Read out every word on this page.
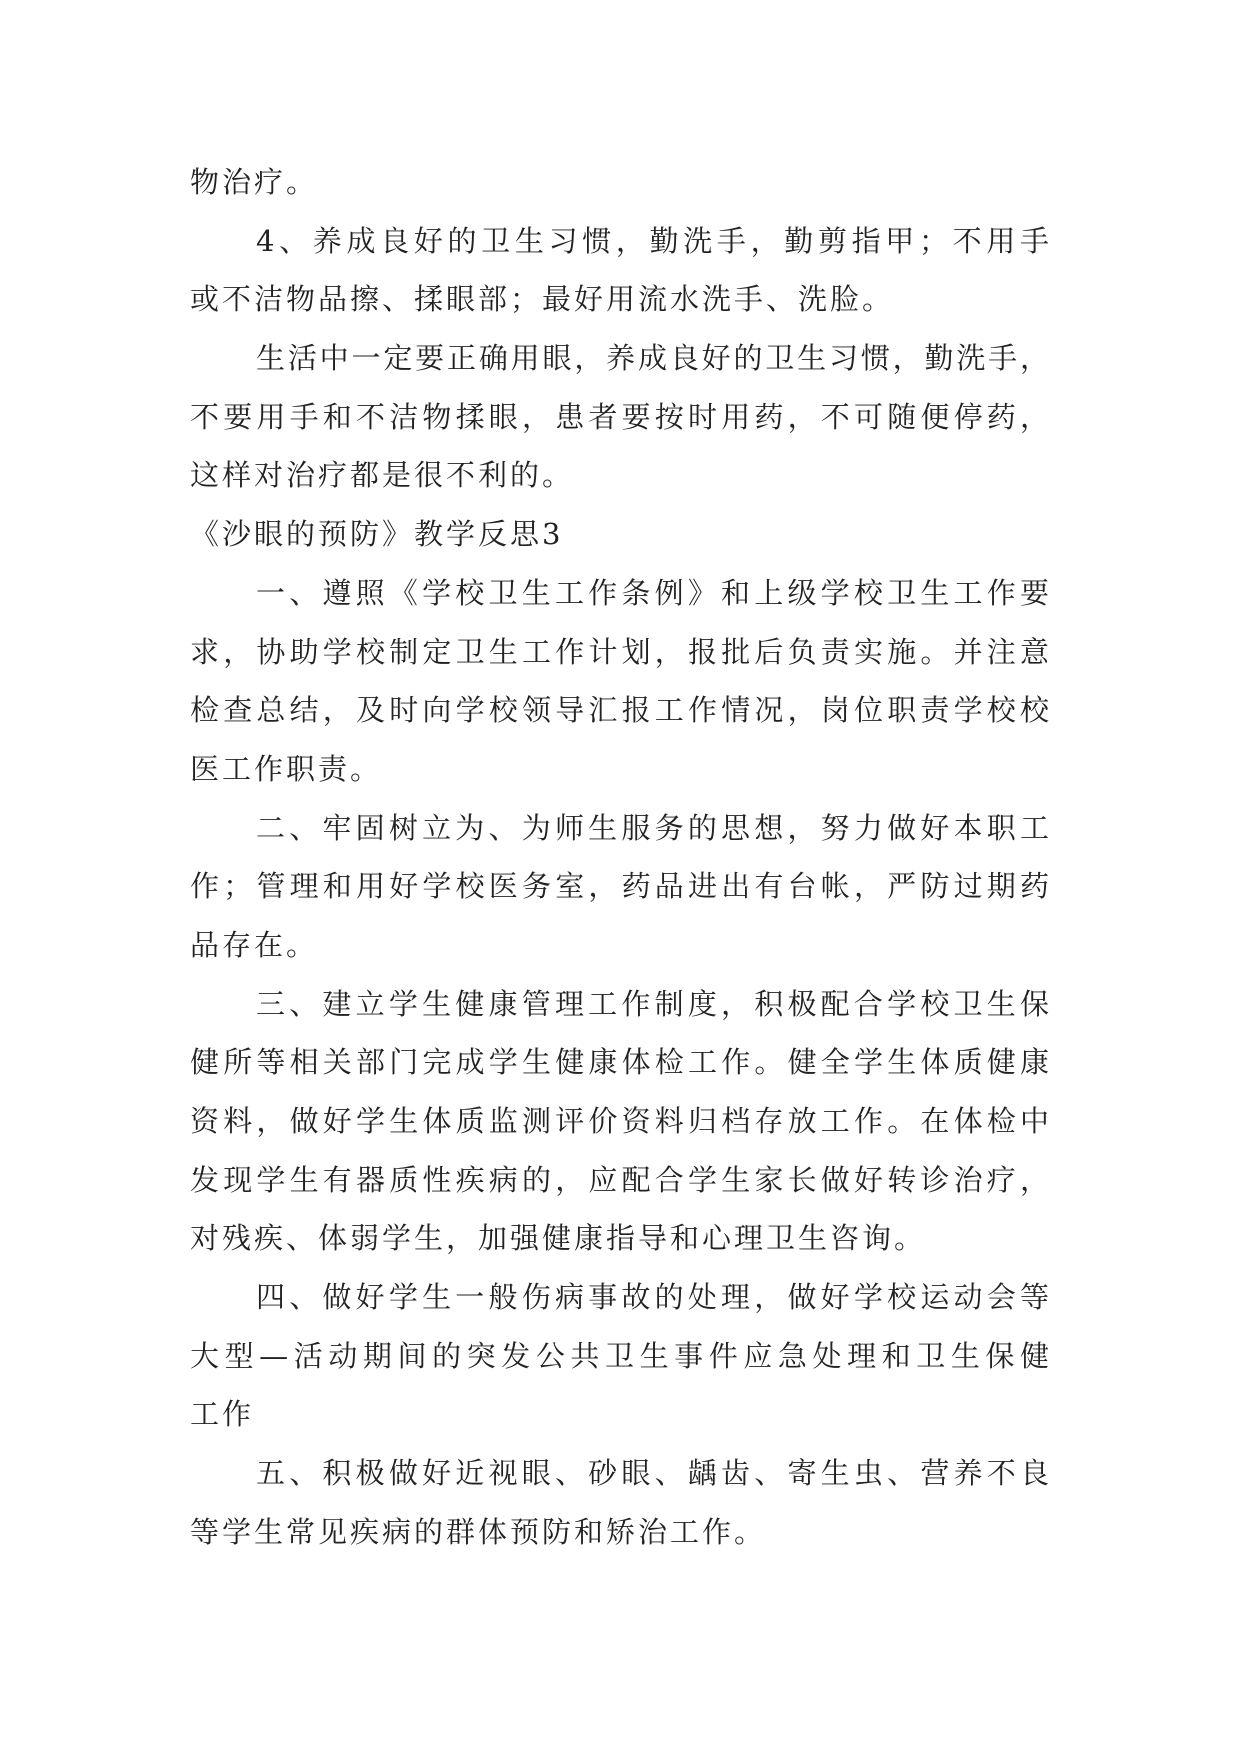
物治疗。
4、养成良好的卫生习惯，勤洗手，勤剪指甲；不用手
或不洁物品擦、揉眼部；最好用流水洗手、洗脸。
生活中一定要正确用眼，养成良好的卫生习惯，勤洗手，
不要用手和不洁物揉眼，患者要按时用药，不可随便停药，
这样对治疗都是很不利的。
《沙眼的预防》教学反思3
一、遵照《学校卫生工作条例》和上级学校卫生工作要
求，协助学校制定卫生工作计划，报批后负责实施。并注意
检查总结，及时向学校领导汇报工作情况，岗位职责学校校
医工作职责。
二、牢固树立为、为师生服务的思想，努力做好本职工
作；管理和用好学校医务室，药品进出有台帐，严防过期药
品存在。
三、建立学生健康管理工作制度，积极配合学校卫生保
健所等相关部门完成学生健康体检工作。健全学生体质健康
资料，做好学生体质监测评价资料归档存放工作。在体检中
发现学生有器质性疾病的，应配合学生家长做好转诊治疗，
对残疾、体弱学生，加强健康指导和心理卫生咨询。
四、做好学生一般伤病事故的处理，做好学校运动会等
大型—活动期间的突发公共卫生事件应急处理和卫生保健
工作
五、积极做好近视眼、砂眼、龋齿、寄生虫、营养不良
等学生常见疾病的群体预防和矫治工作。
